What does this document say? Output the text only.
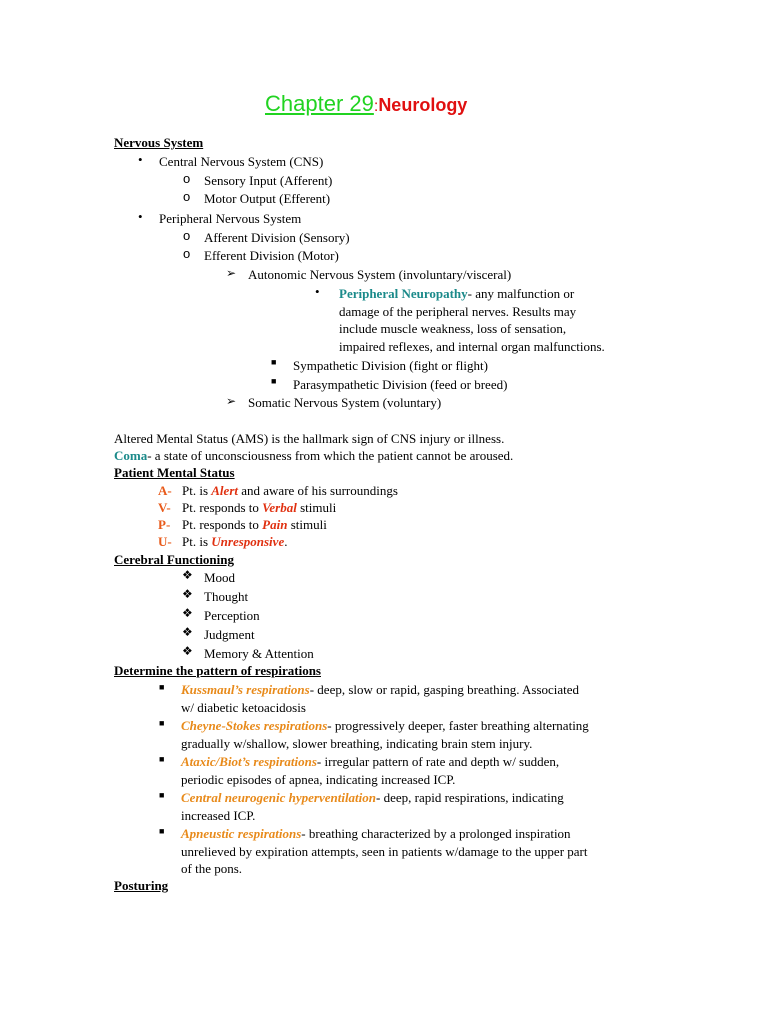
Chapter 29:Neurology
Nervous System
• Central Nervous System (CNS)
o Sensory Input (Afferent)
o Motor Output (Efferent)
• Peripheral Nervous System
o Afferent Division (Sensory)
o Efferent Division (Motor)
➢ Autonomic Nervous System (involuntary/visceral)
• Peripheral Neuropathy- any malfunction or
damage of the peripheral nerves. Results may
include muscle weakness, loss of sensation,
impaired reflexes, and internal organ malfunctions.
■ Sympathetic Division (fight or flight)
■ Parasympathetic Division (feed or breed)
➢ Somatic Nervous System (voluntary)
Altered Mental Status (AMS) is the hallmark sign of CNS injury or illness.
Coma- a state of unconsciousness from which the patient cannot be aroused.
Patient Mental Status
A- Pt. is Alert and aware of his surroundings
V- Pt. responds to Verbal stimuli
P- Pt. responds to Pain stimuli
U- Pt. is Unresponsive.
Cerebral Functioning
❖ Mood
❖ Thought
❖ Perception
❖ Judgment
❖ Memory & Attention
Determine the pattern of respirations
■ Kussmaul’s respirations- deep, slow or rapid, gasping breathing. Associated
w/ diabetic ketoacidosis
■ Cheyne-Stokes respirations- progressively deeper, faster breathing alternating
gradually w/shallow, slower breathing, indicating brain stem injury.
■ Ataxic/Biot’s respirations- irregular pattern of rate and depth w/ sudden,
periodic episodes of apnea, indicating increased ICP.
■ Central neurogenic hyperventilation- deep, rapid respirations, indicating
increased ICP.
■ Apneustic respirations- breathing characterized by a prolonged inspiration
unrelieved by expiration attempts, seen in patients w/damage to the upper part
of the pons.
Posturing
